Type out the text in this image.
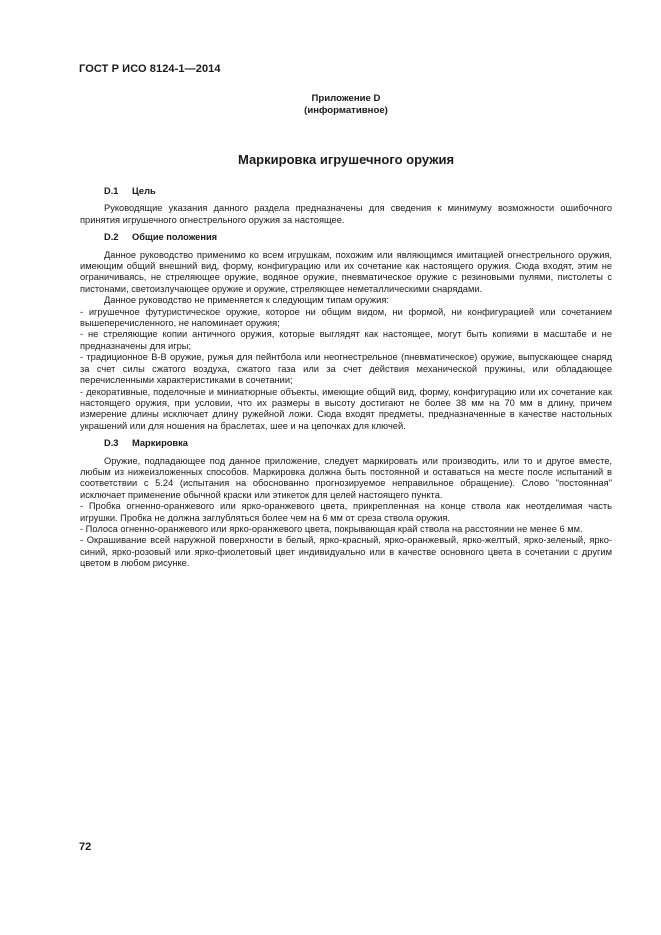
ГОСТ Р ИСО 8124-1—2014
Приложение D
(информативное)
Маркировка игрушечного оружия
D.1 Цель

Руководящие указания данного раздела предназначены для сведения к минимуму возможности ошибочного принятия игрушечного огнестрельного оружия за настоящее.

D.2 Общие положения

Данное руководство применимо ко всем игрушкам, похожим или являющимся имитацией огнестрельного оружия, имеющим общий внешний вид, форму, конфигурацию или их сочетание как настоящего оружия. Сюда входят, этим не ограничиваясь, не стреляющее оружие, водяное оружие, пневматическое оружие с резиновыми пулями, пистолеты с пистонами, светоизлучающее оружие и оружие, стреляющее неметаллическими снарядами.

Данное руководство не применяется к следующим типам оружия:

- игрушечное футуристическое оружие, которое ни общим видом, ни формой, ни конфигурацией или сочетанием вышеперечисленного, не напоминает оружия;

- не стреляющие копии античного оружия, которые выглядят как настоящее, могут быть копиями в масштабе и не предназначены для игры;

- традиционное В-В оружие, ружья для пейнтбола или неогнестрельное (пневматическое) оружие, выпускающее снаряд за счет силы сжатого воздуха, сжатого газа или за счет действия механической пружины, или обладающее перечисленными характеристиками в сочетании;

- декоративные, поделочные и миниатюрные объекты, имеющие общий вид, форму, конфигурацию или их сочетание как настоящего оружия, при условии, что их размеры в высоту достигают не более 38 мм на 70 мм в длину, причем измерение длины исключает длину ружейной ложи. Сюда входят предметы, предназначенные в качестве настольных украшений или для ношения на браслетах, шее и на цепочках для ключей.

D.3 Маркировка

Оружие, подпадающее под данное приложение, следует маркировать или производить, или то и другое вместе, любым из нижеизложенных способов. Маркировка должна быть постоянной и оставаться на месте после испытаний в соответствии с 5.24 (испытания на обоснованно прогнозируемое неправильное обращение). Слово "постоянная" исключает применение обычной краски или этикеток для целей настоящего пункта.

- Пробка огненно-оранжевого или ярко-оранжевого цвета, прикрепленная на конце ствола как неотделимая часть игрушки. Пробка не должна заглубляться более чем на 6 мм от среза ствола оружия.

- Полоса огненно-оранжевого или ярко-оранжевого цвета, покрывающая край ствола на расстоянии не менее 6 мм.

- Окрашивание всей наружной поверхности в белый, ярко-красный, ярко-оранжевый, ярко-желтый, ярко-зеленый, ярко-синий, ярко-розовый или ярко-фиолетовый цвет индивидуально или в качестве основного цвета в сочетании с другим цветом в любом рисунке.

72
